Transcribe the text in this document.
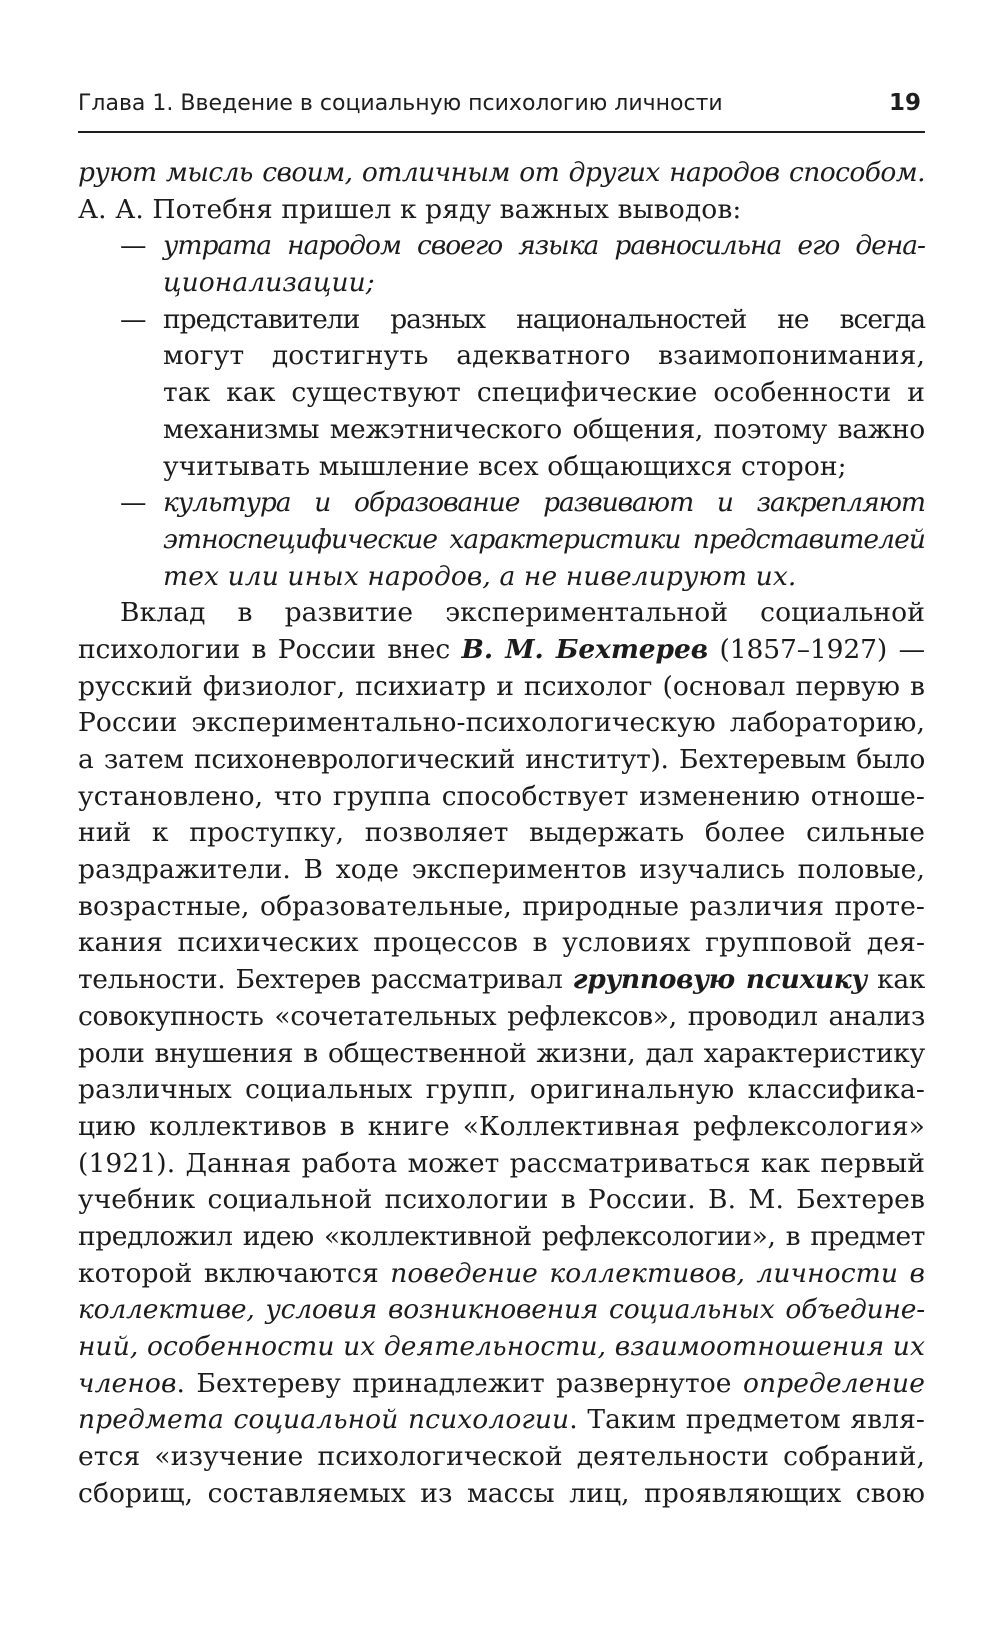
Глава 1. Введение в социальную психологию личности	19
руют мысль своим, отличным от других народов способом.
А. А. Потебня пришел к ряду важных выводов:
— утрата народом своего языка равносильна его дена-
ционализации;
— представители разных национальностей не всегда
могут достигнуть адекватного взаимопонимания,
так как существуют специфические особенности и
механизмы межэтнического общения, поэтому важно
учитывать мышление всех общающихся сторон;
— культура и образование развивают и закрепляют
этноспецифические характеристики представителей
тех или иных народов, а не нивелируют их.
Вклад в развитие экспериментальной социальной
психологии в России внес В. М. Бехтерев (1857–1927) —
русский физиолог, психиатр и психолог (основал первую в
России экспериментально-психологическую лабораторию,
а затем психоневрологический институт). Бехтеревым было
установлено, что группа способствует изменению отноше-
ний к проступку, позволяет выдержать более сильные
раздражители. В ходе экспериментов изучались половые,
возрастные, образовательные, природные различия проте-
кания психических процессов в условиях групповой дея-
тельности. Бехтерев рассматривал групповую психику как
совокупность «сочетательных рефлексов», проводил анализ
роли внушения в общественной жизни, дал характеристику
различных социальных групп, оригинальную классифика-
цию коллективов в книге «Коллективная рефлексология»
(1921). Данная работа может рассматриваться как первый
учебник социальной психологии в России. В. М. Бехтерев
предложил идею «коллективной рефлексологии», в предмет
которой включаются поведение коллективов, личности в
коллективе, условия возникновения социальных объедине-
ний, особенности их деятельности, взаимоотношения их
членов. Бехтереву принадлежит развернутое определение
предмета социальной психологии. Таким предметом явля-
ется «изучение психологической деятельности собраний,
сборищ, составляемых из массы лиц, проявляющих свою
